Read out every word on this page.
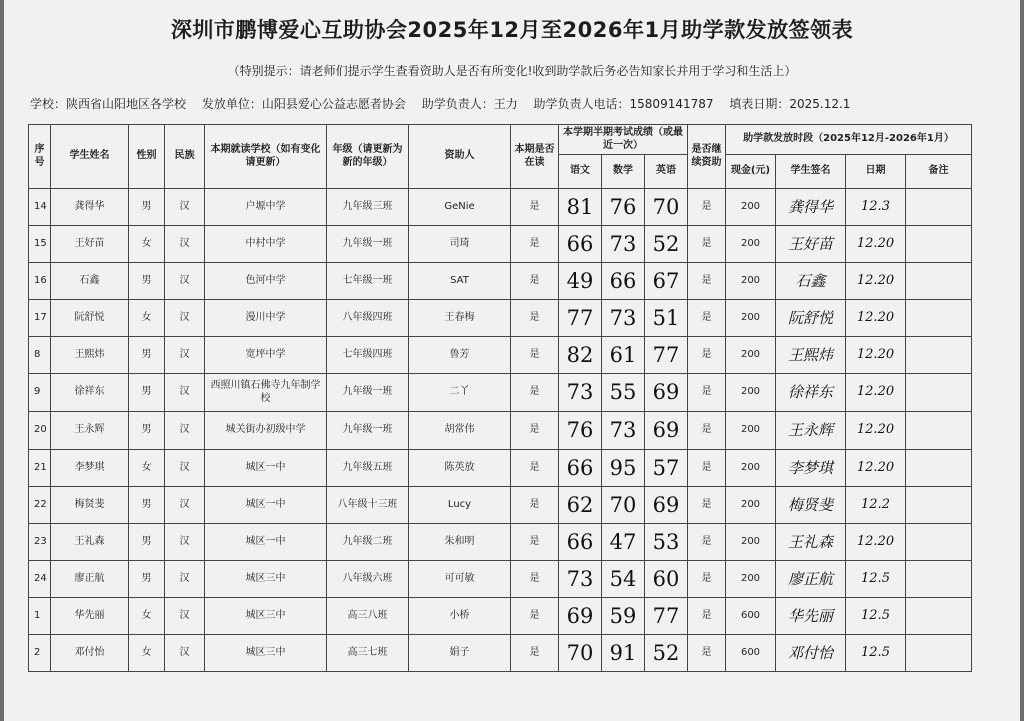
深圳市鹏博爱心互助协会2025年12月至2026年1月助学款发放签领表
（特别提示：请老师们提示学生查看资助人是否有所变化!收到助学款后务必告知家长并用于学习和生活上）
学校：陕西省山阳地区各学校 发放单位：山阳县爱心公益志愿者协会 助学负责人：王力 助学负责人电话：15809141787 填表日期：2025.12.1
序号	学生姓名	性别	民族	本期就读学校（如有变化请更新）	年级（请更新为新的年级）	资助人	本期是否在读	本学期半期考试成绩（或最近一次）			是否继续资助	助学款发放时段（2025年12月-2026年1月）			
								语文	数学	英语		现金(元)	学生签名	日期	备注
14	龚得华	男	汉	户塬中学	九年级三班	GeNie	是	81	76	70	是	200	龚得华	12.3	
15	王好苗	女	汉	中村中学	九年级一班	司琦	是	66	73	52	是	200	王好苗	12.20	
16	石鑫	男	汉	色河中学	七年级一班	SAT	是	49	66	67	是	200	石鑫	12.20	
17	阮舒悦	女	汉	漫川中学	八年级四班	王春梅	是	77	73	51	是	200	阮舒悦	12.20	
8	王熙炜	男	汉	宽坪中学	七年级四班	鲁芳	是	82	61	77	是	200	王熙炜	12.20	
9	徐祥东	男	汉	西照川镇石佛寺九年制学校	九年级一班	二丫	是	73	55	69	是	200	徐祥东	12.20	
20	王永辉	男	汉	城关街办初级中学	九年级一班	胡常伟	是	76	73	69	是	200	王永辉	12.20	
21	李梦琪	女	汉	城区一中	九年级五班	陈英放	是	66	95	57	是	200	李梦琪	12.20	
22	梅贤斐	男	汉	城区一中	八年级十三班	Lucy	是	62	70	69	是	200	梅贤斐	12.2	
23	王礼森	男	汉	城区一中	九年级二班	朱和明	是	66	47	53	是	200	王礼森	12.20	
24	廖正航	男	汉	城区三中	八年级六班	可可敏	是	73	54	60	是	200	廖正航	12.5	
1	华先丽	女	汉	城区三中	高三八班	小桥	是	69	59	77	是	600	华先丽	12.5	
2	邓付怡	女	汉	城区三中	高三七班	娟子	是	70	91	52	是	600	邓付怡	12.5	
